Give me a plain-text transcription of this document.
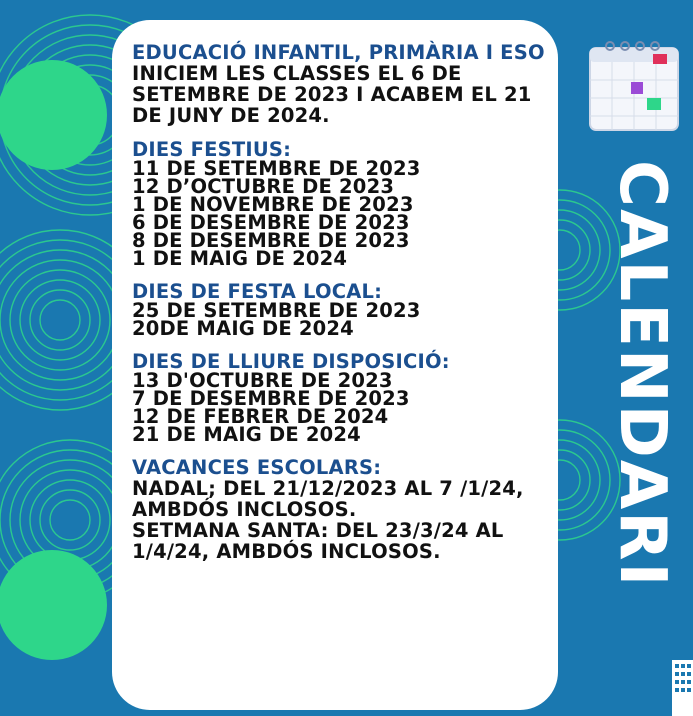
EDUCACIÓ INFANTIL, PRIMÀRIA I ESO
INICIEM LES CLASSES EL 6 DE SETEMBRE DE 2023 I ACABEM EL 21 DE JUNY DE 2024.
DIES FESTIUS:
11 DE SETEMBRE DE 2023
12 D’OCTUBRE DE 2023
1 DE NOVEMBRE DE 2023
6 DE DESEMBRE DE 2023
8 DE DESEMBRE DE 2023
1 DE MAIG DE 2024
DIES DE FESTA LOCAL:
25 DE SETEMBRE DE 2023
20DE MAIG DE 2024
DIES DE LLIURE DISPOSICIÓ:
13 D'OCTUBRE DE 2023
7 DE DESEMBRE DE 2023
12 DE FEBRER DE 2024
21 DE MAIG DE 2024
VACANCES ESCOLARS:
NADAL; DEL 21/12/2023 AL 7 /1/24, AMBDÓS INCLOSOS.
SETMANA SANTA: DEL 23/3/24 AL 1/4/24, AMBDÓS INCLOSOS.	CALENDARI
